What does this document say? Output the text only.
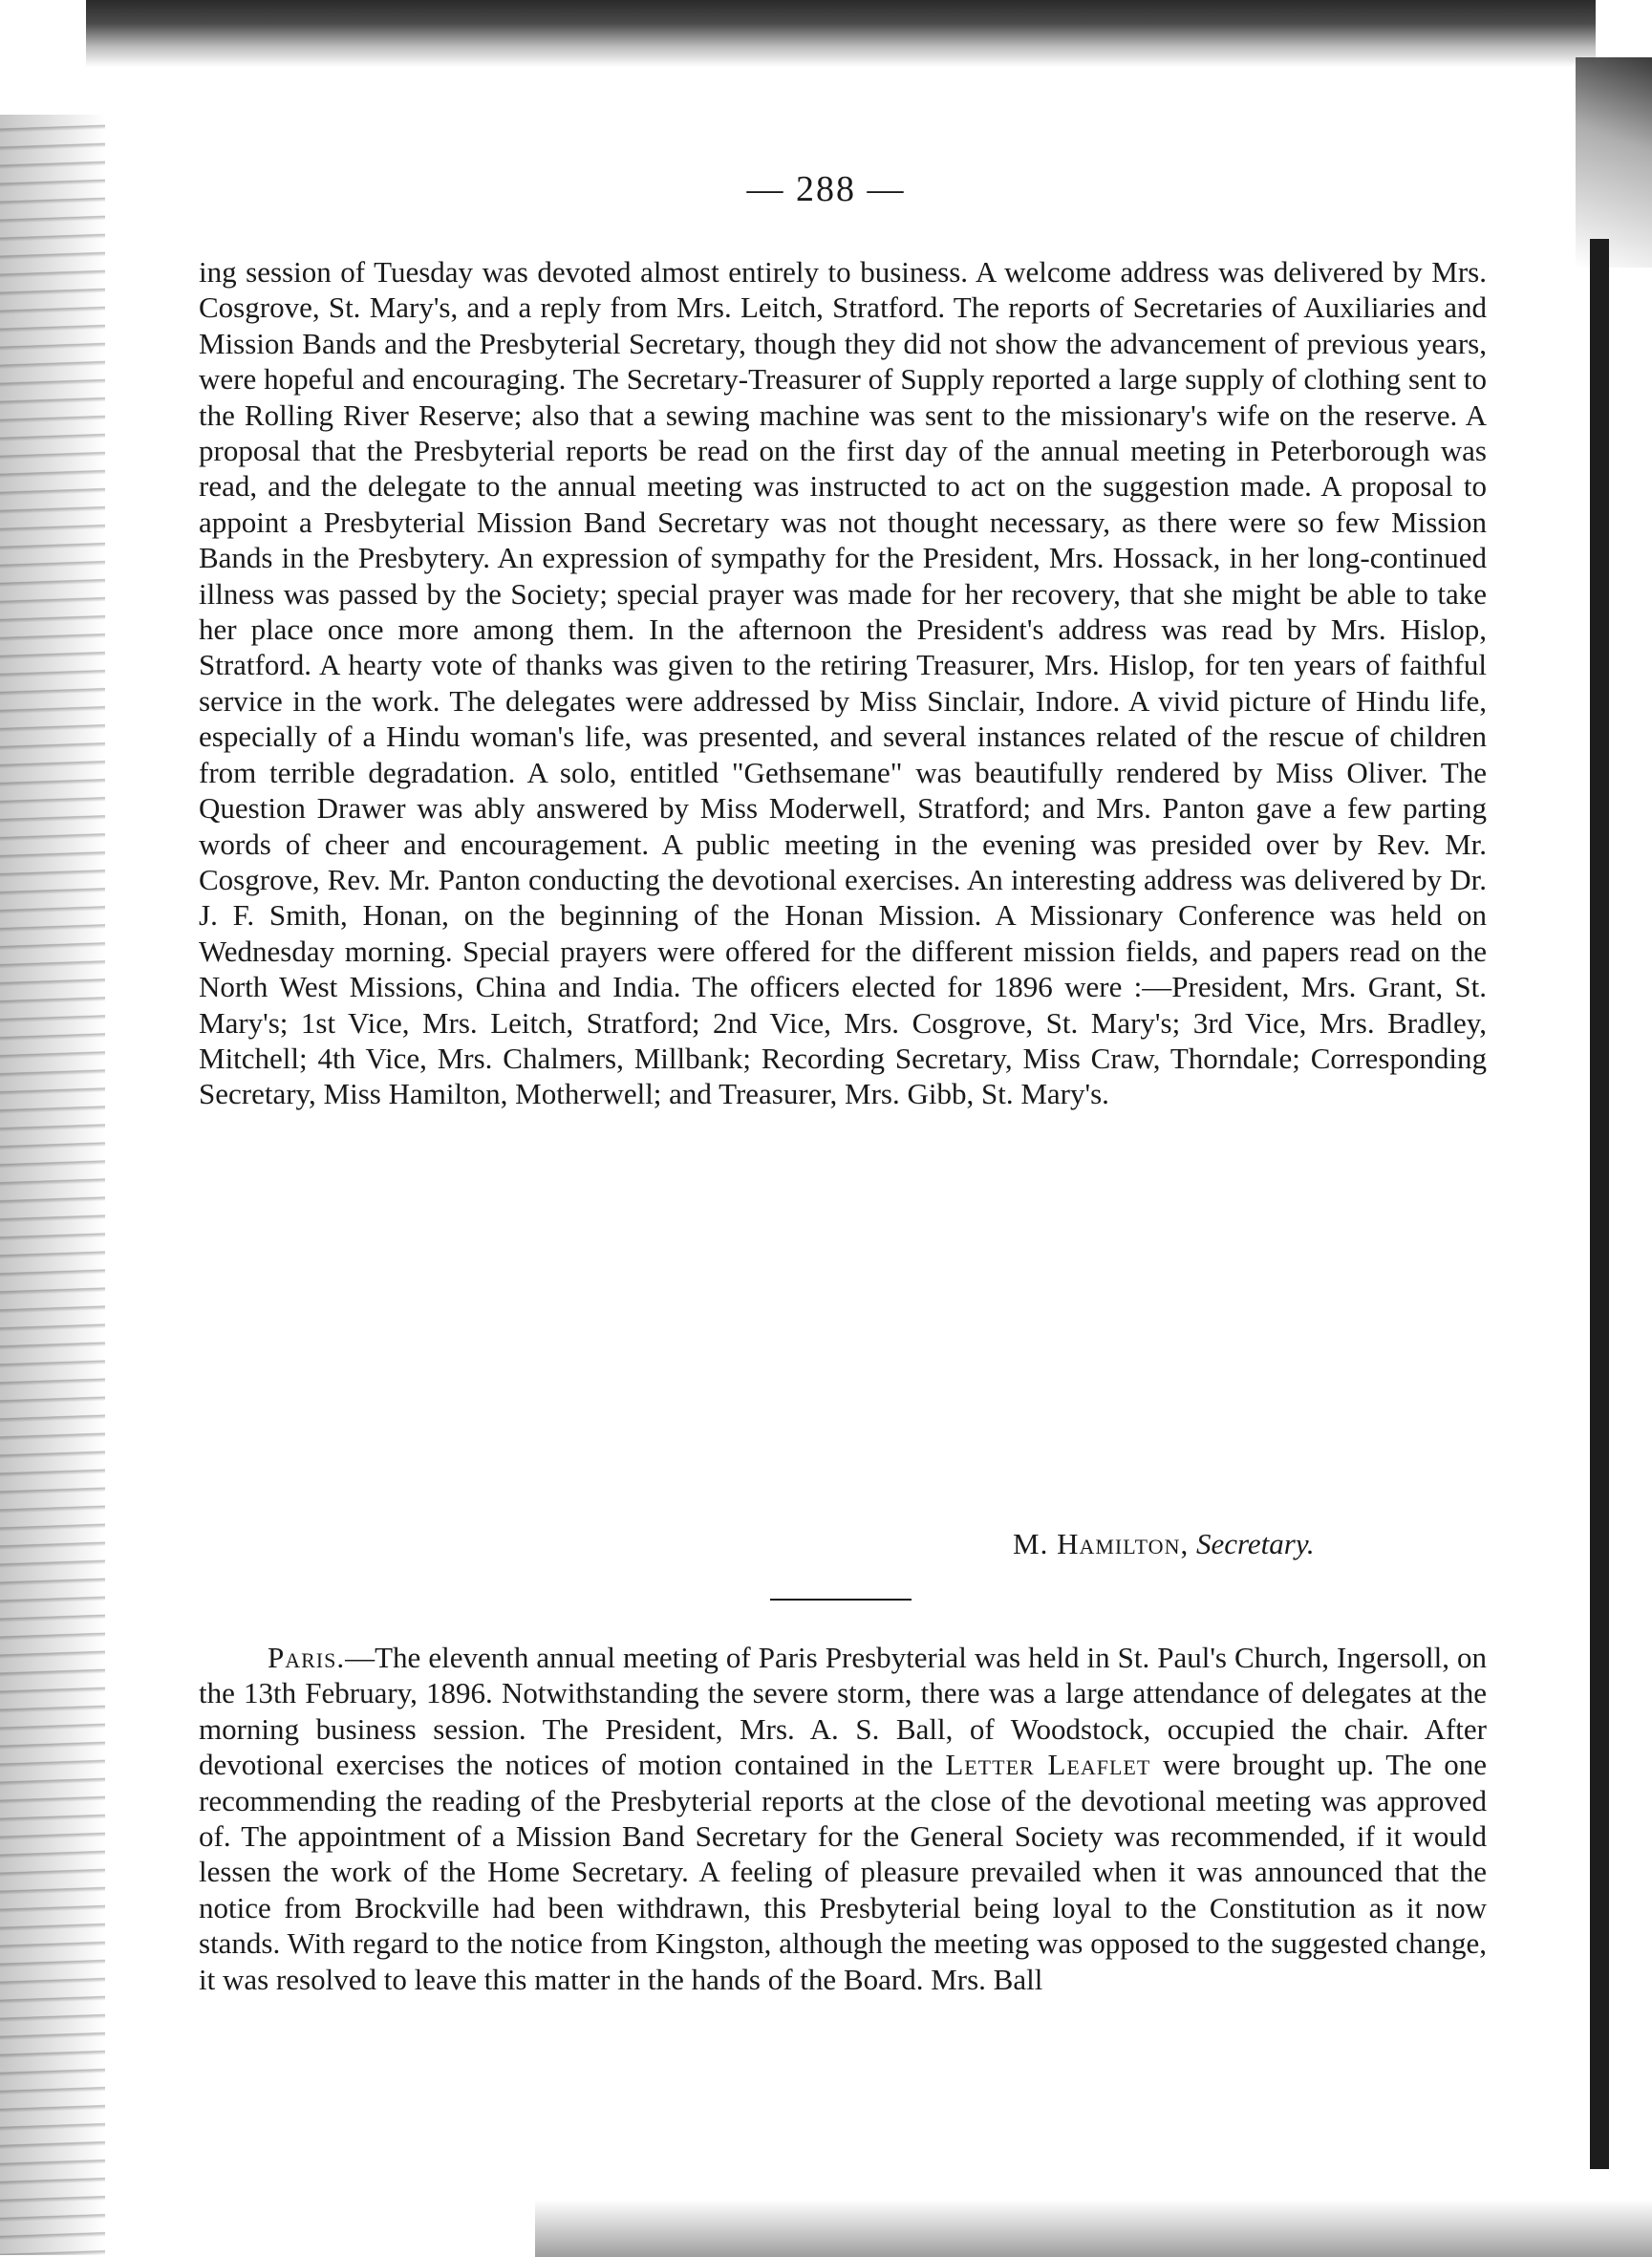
— 288 —

ing session of Tuesday was devoted almost entirely to business. A welcome address was delivered by Mrs. Cosgrove, St. Mary's, and a reply from Mrs. Leitch, Stratford. The reports of Secretaries of Auxiliaries and Mission Bands and the Presbyterial Secretary, though they did not show the advancement of previous years, were hopeful and encouraging. The Secretary-Treasurer of Supply reported a large supply of clothing sent to the Rolling River Reserve; also that a sewing machine was sent to the missionary's wife on the reserve. A proposal that the Presbyterial reports be read on the first day of the annual meeting in Peterborough was read, and the delegate to the annual meeting was instructed to act on the suggestion made. A proposal to appoint a Presbyterial Mission Band Secretary was not thought necessary, as there were so few Mission Bands in the Presbytery. An expression of sympathy for the President, Mrs. Hossack, in her long-continued illness was passed by the Society; special prayer was made for her recovery, that she might be able to take her place once more among them. In the afternoon the President's address was read by Mrs. Hislop, Stratford. A hearty vote of thanks was given to the retiring Treasurer, Mrs. Hislop, for ten years of faithful service in the work. The delegates were addressed by Miss Sinclair, Indore. A vivid picture of Hindu life, especially of a Hindu woman's life, was presented, and several instances related of the rescue of children from terrible degradation. A solo, entitled "Gethsemane" was beautifully rendered by Miss Oliver. The Question Drawer was ably answered by Miss Moderwell, Stratford; and Mrs. Panton gave a few parting words of cheer and encouragement. A public meeting in the evening was presided over by Rev. Mr. Cosgrove, Rev. Mr. Panton conducting the devotional exercises. An interesting address was delivered by Dr. J. F. Smith, Honan, on the beginning of the Honan Mission. A Missionary Conference was held on Wednesday morning. Special prayers were offered for the different mission fields, and papers read on the North West Missions, China and India. The officers elected for 1896 were :—President, Mrs. Grant, St. Mary's; 1st Vice, Mrs. Leitch, Stratford; 2nd Vice, Mrs. Cosgrove, St. Mary's; 3rd Vice, Mrs. Bradley, Mitchell; 4th Vice, Mrs. Chalmers, Millbank; Recording Secretary, Miss Craw, Thorndale; Corresponding Secretary, Miss Hamilton, Motherwell; and Treasurer, Mrs. Gibb, St. Mary's.

M. Hamilton, Secretary.

Paris.—The eleventh annual meeting of Paris Presbyterial was held in St. Paul's Church, Ingersoll, on the 13th February, 1896. Notwithstanding the severe storm, there was a large attendance of delegates at the morning business session. The President, Mrs. A. S. Ball, of Woodstock, occupied the chair. After devotional exercises the notices of motion contained in the Letter Leaflet were brought up. The one recommending the reading of the Presbyterial reports at the close of the devotional meeting was approved of. The appointment of a Mission Band Secretary for the General Society was recommended, if it would lessen the work of the Home Secretary. A feeling of pleasure prevailed when it was announced that the notice from Brockville had been withdrawn, this Presbyterial being loyal to the Constitution as it now stands. With regard to the notice from Kingston, although the meeting was opposed to the suggested change, it was resolved to leave this matter in the hands of the Board. Mrs. Ball
